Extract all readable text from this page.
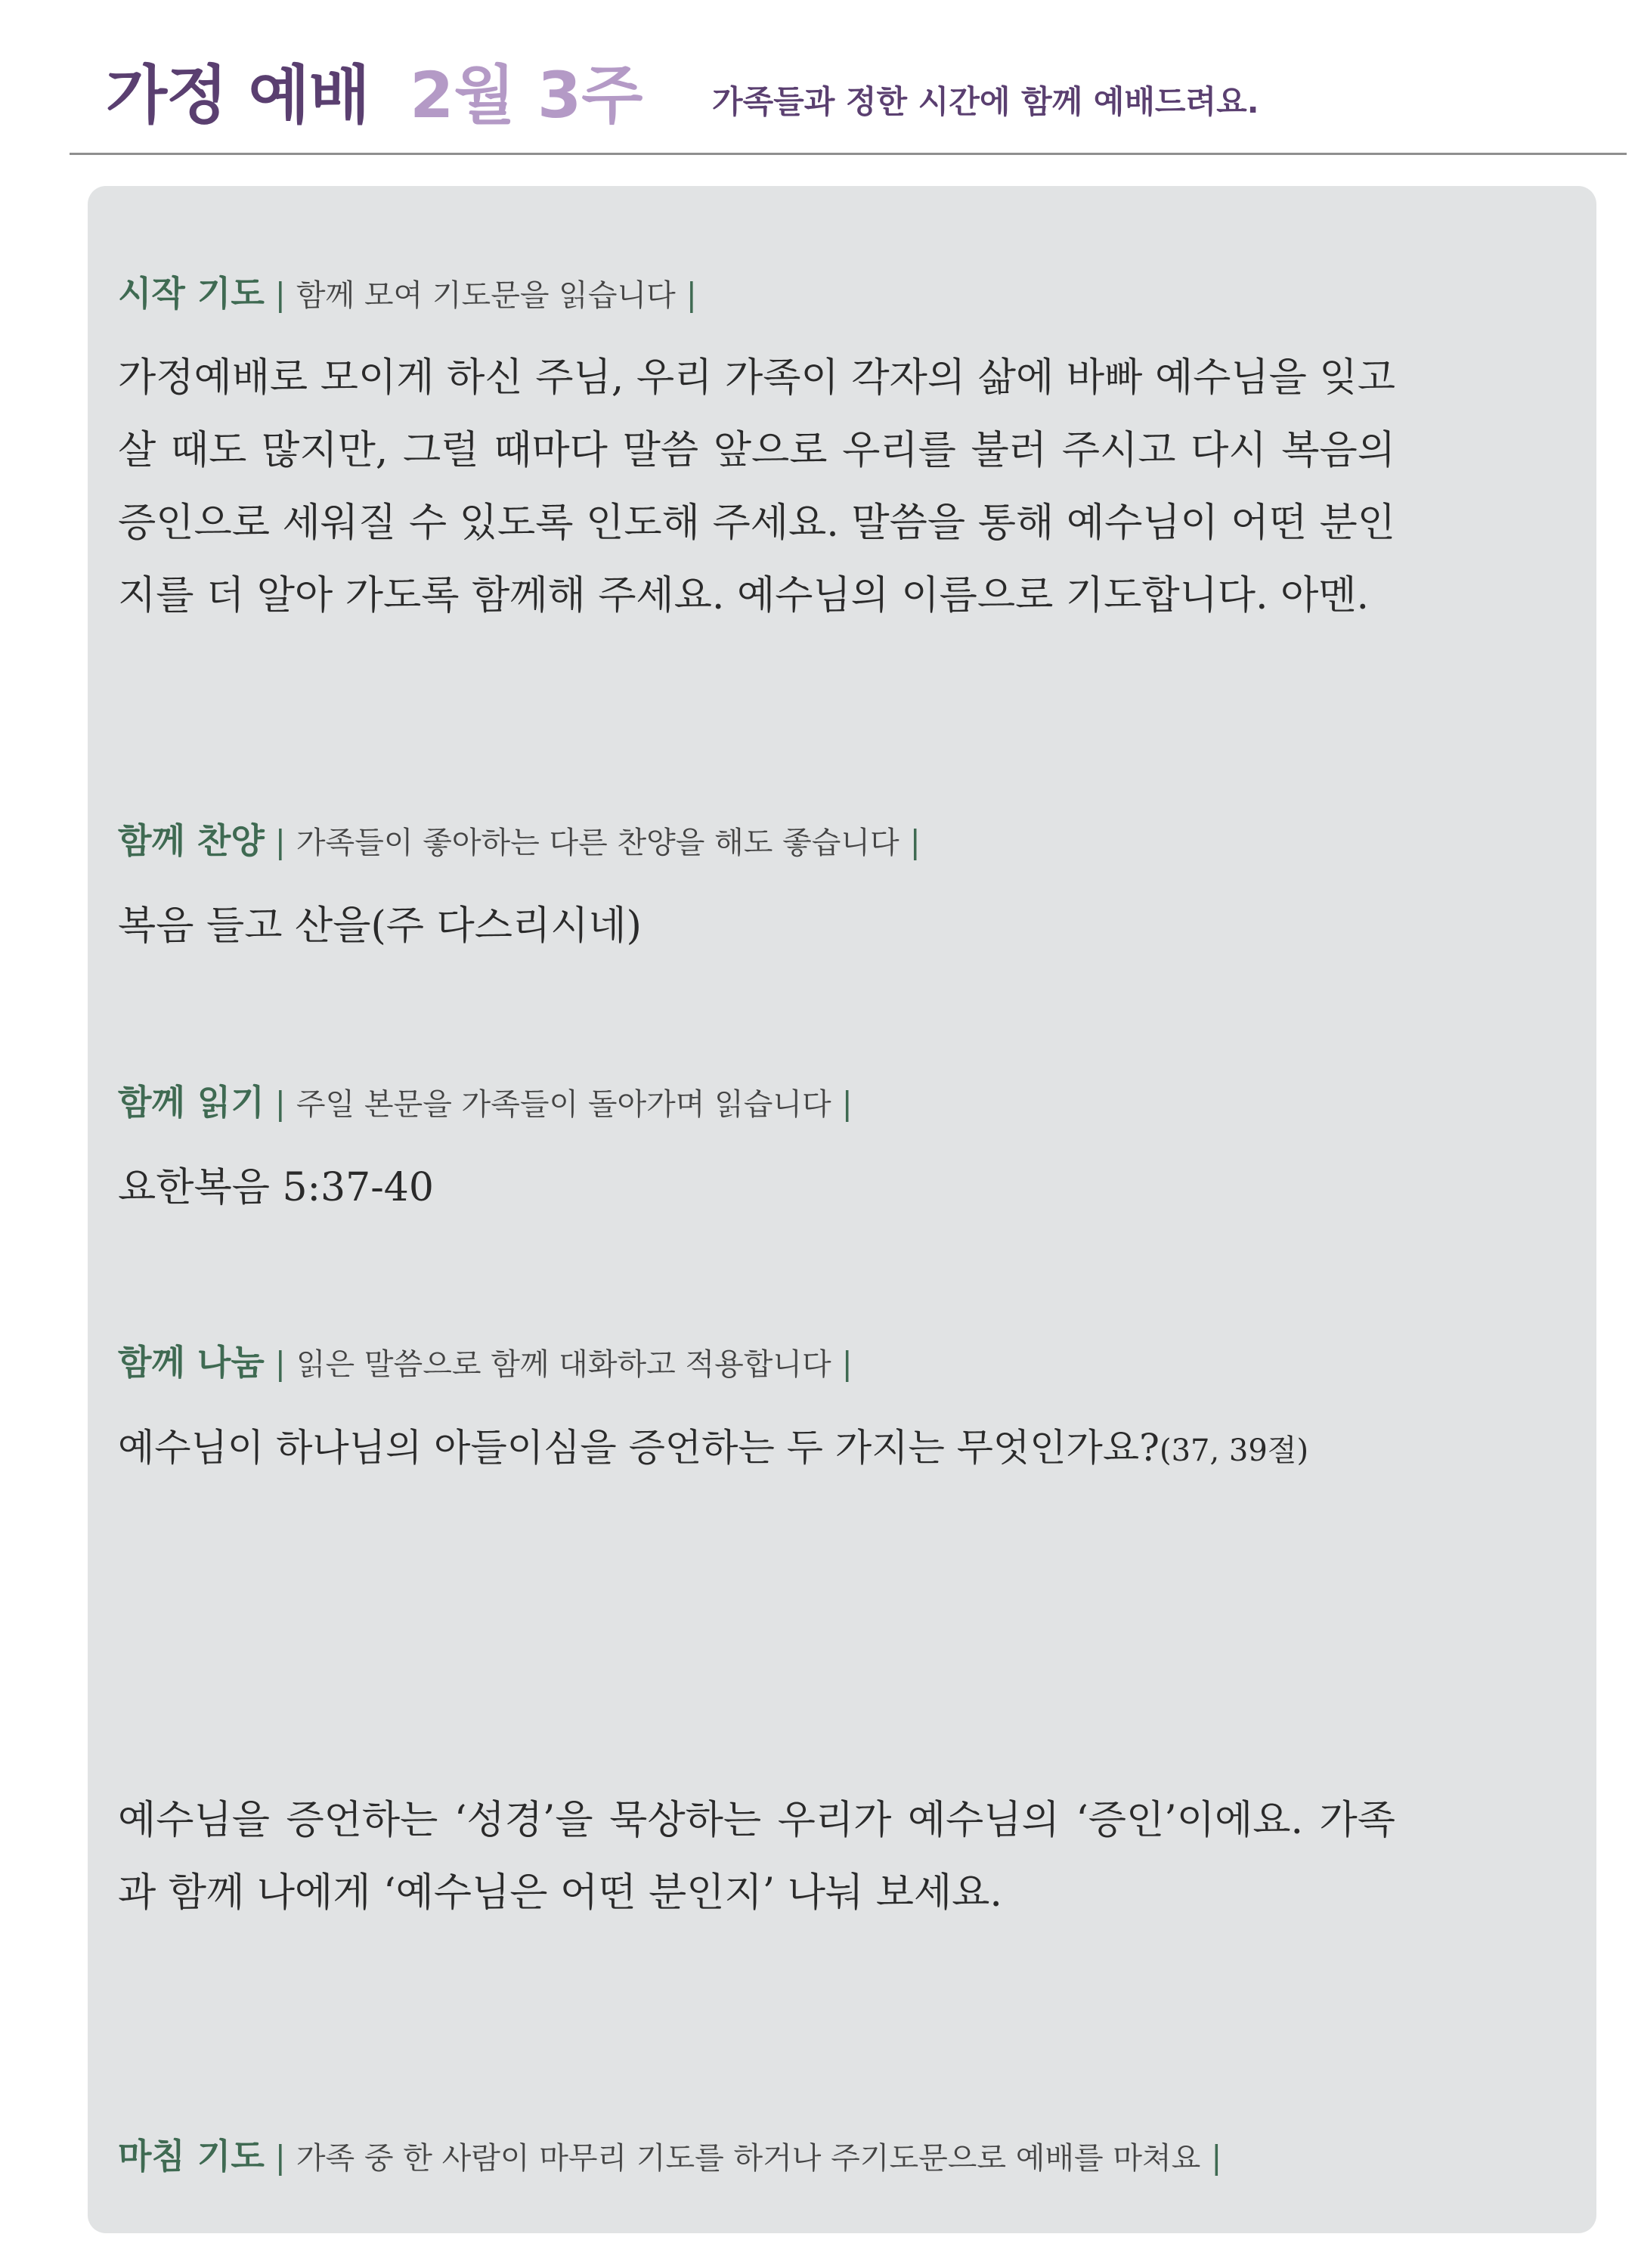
가정 예배 2월 3주 가족들과 정한 시간에 함께 예배드려요.
시작 기도 | 함께 모여 기도문을 읽습니다 |
가정예배로 모이게 하신 주님, 우리 가족이 각자의 삶에 바빠 예수님을 잊고 살 때도 많지만, 그럴 때마다 말씀 앞으로 우리를 불러 주시고 다시 복음의 증인으로 세워질 수 있도록 인도해 주세요. 말씀을 통해 예수님이 어떤 분인지를 더 알아 가도록 함께해 주세요. 예수님의 이름으로 기도합니다. 아멘.
함께 찬양 | 가족들이 좋아하는 다른 찬양을 해도 좋습니다 |
복음 들고 산을(주 다스리시네)
함께 읽기 | 주일 본문을 가족들이 돌아가며 읽습니다 |
요한복음 5:37-40
함께 나눔 | 읽은 말씀으로 함께 대화하고 적용합니다 |
예수님이 하나님의 아들이심을 증언하는 두 가지는 무엇인가요?(37, 39절)
예수님을 증언하는 ‘성경’을 묵상하는 우리가 예수님의 ‘증인’이에요. 가족과 함께 나에게 ‘예수님은 어떤 분인지’ 나눠 보세요.
마침 기도 | 가족 중 한 사람이 마무리 기도를 하거나 주기도문으로 예배를 마쳐요 |
